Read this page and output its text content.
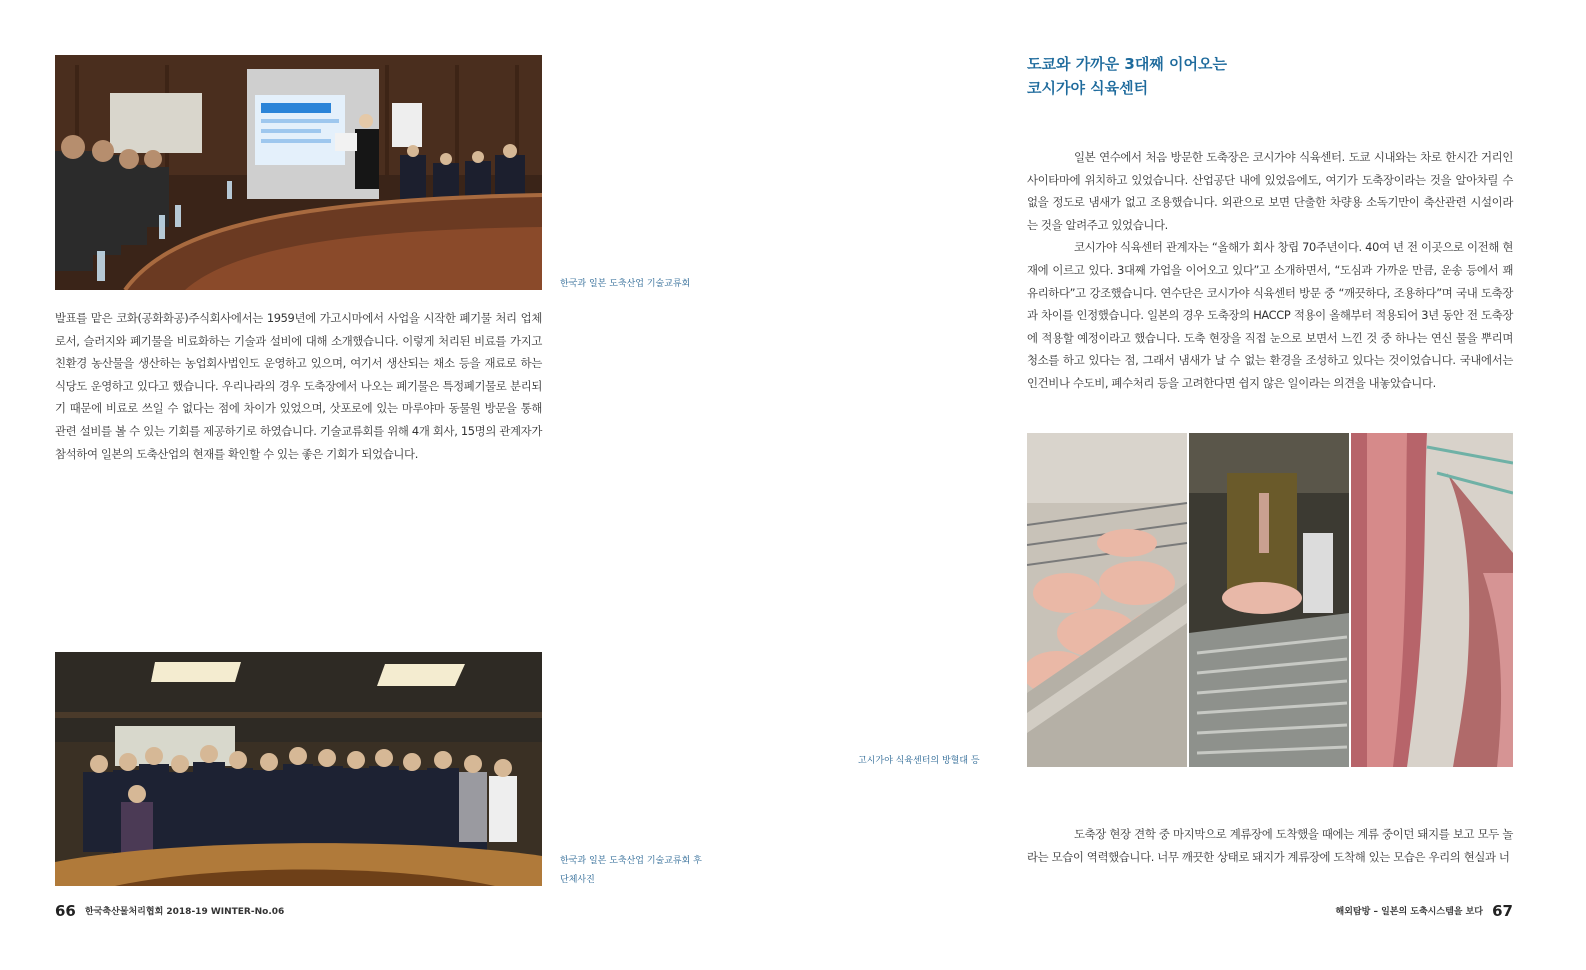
한국과 일본 도축산업 기술교류회

발표를 맡은 코화(공화화공)주식회사에서는 1959년에 가고시마에서 사업을 시작한 폐기물 처리 업체로서, 슬러지와 폐기물을 비료화하는 기술과 설비에 대해 소개했습니다. 이렇게 처리된 비료를 가지고 친환경 농산물을 생산하는 농업회사법인도 운영하고 있으며, 여기서 생산되는 채소 등을 재료로 하는 식당도 운영하고 있다고 했습니다. 우리나라의 경우 도축장에서 나오는 폐기물은 특정폐기물로 분리되기 때문에 비료로 쓰일 수 없다는 점에 차이가 있었으며, 삿포로에 있는 마루야마 동물원 방문을 통해 관련 설비를 볼 수 있는 기회를 제공하기로 하였습니다. 기술교류회를 위해 4개 회사, 15명의 관계자가 참석하여 일본의 도축산업의 현재를 확인할 수 있는 좋은 기회가 되었습니다.

한국과 일본 도축산업 기술교류회 후
단체사진
고시가야 식육센터의 방혈대 등
66 한국축산물처리협회 2018-19 WINTER-No.06
도쿄와 가까운 3대째 이어오는
코시가야 식육센터

일본 연수에서 처음 방문한 도축장은 코시가야 식육센터. 도쿄 시내와는 차로 한시간 거리인 사이타마에 위치하고 있었습니다. 산업공단 내에 있었음에도, 여기가 도축장이라는 것을 알아차릴 수 없을 정도로 냄새가 없고 조용했습니다. 외관으로 보면 단출한 차량용 소독기만이 축산관련 시설이라는 것을 알려주고 있었습니다.

코시가야 식육센터 관계자는 “올해가 회사 창립 70주년이다. 40여 년 전 이곳으로 이전해 현재에 이르고 있다. 3대째 가업을 이어오고 있다”고 소개하면서, “도심과 가까운 만큼, 운송 등에서 꽤 유리하다”고 강조했습니다. 연수단은 코시가야 식육센터 방문 중 “깨끗하다, 조용하다”며 국내 도축장과 차이를 인정했습니다. 일본의 경우 도축장의 HACCP 적용이 올해부터 적용되어 3년 동안 전 도축장에 적용할 예정이라고 했습니다. 도축 현장을 직접 눈으로 보면서 느낀 것 중 하나는 연신 물을 뿌리며 청소를 하고 있다는 점, 그래서 냄새가 날 수 없는 환경을 조성하고 있다는 것이었습니다. 국내에서는 인건비나 수도비, 폐수처리 등을 고려한다면 쉽지 않은 일이라는 의견을 내놓았습니다.

도축장 현장 견학 중 마지막으로 계류장에 도착했을 때에는 계류 중이던 돼지를 보고 모두 놀라는 모습이 역력했습니다. 너무 깨끗한 상태로 돼지가 계류장에 도착해 있는 모습은 우리의 현실과 너

해외탐방 – 일본의 도축시스템을 보다 67
